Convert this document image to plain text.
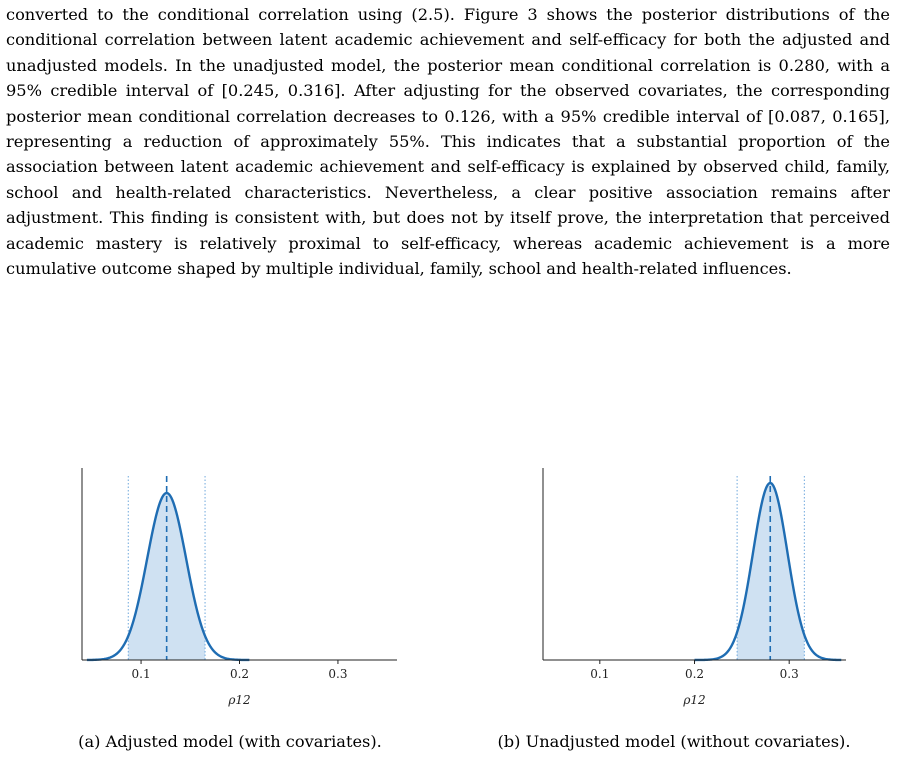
converted to the conditional correlation using (2.5). Figure 3 shows the posterior distributions of the conditional correlation between latent academic achievement and self-efficacy for both the adjusted and unadjusted models. In the unadjusted model, the posterior mean conditional correlation is 0.280, with a 95% credible interval of [0.245, 0.316]. After adjusting for the observed covariates, the corresponding posterior mean conditional correlation decreases to 0.126, with a 95% credible interval of [0.087, 0.165], representing a reduction of approximately 55%. This indicates that a substantial proportion of the association between latent academic achievement and self-efficacy is explained by observed child, family, school and health-related characteristics. Nevertheless, a clear positive association remains after adjustment. This finding is consistent with, but does not by itself prove, the interpretation that perceived academic mastery is relatively proximal to self-efficacy, whereas academic achievement is a more cumulative outcome shaped by multiple individual, family, school and health-related influences.

0.1	0.2	0.3
ρ12
(a) Adjusted model (with covariates).
0.1	0.2	0.3
ρ12
(b) Unadjusted model (without covariates).
